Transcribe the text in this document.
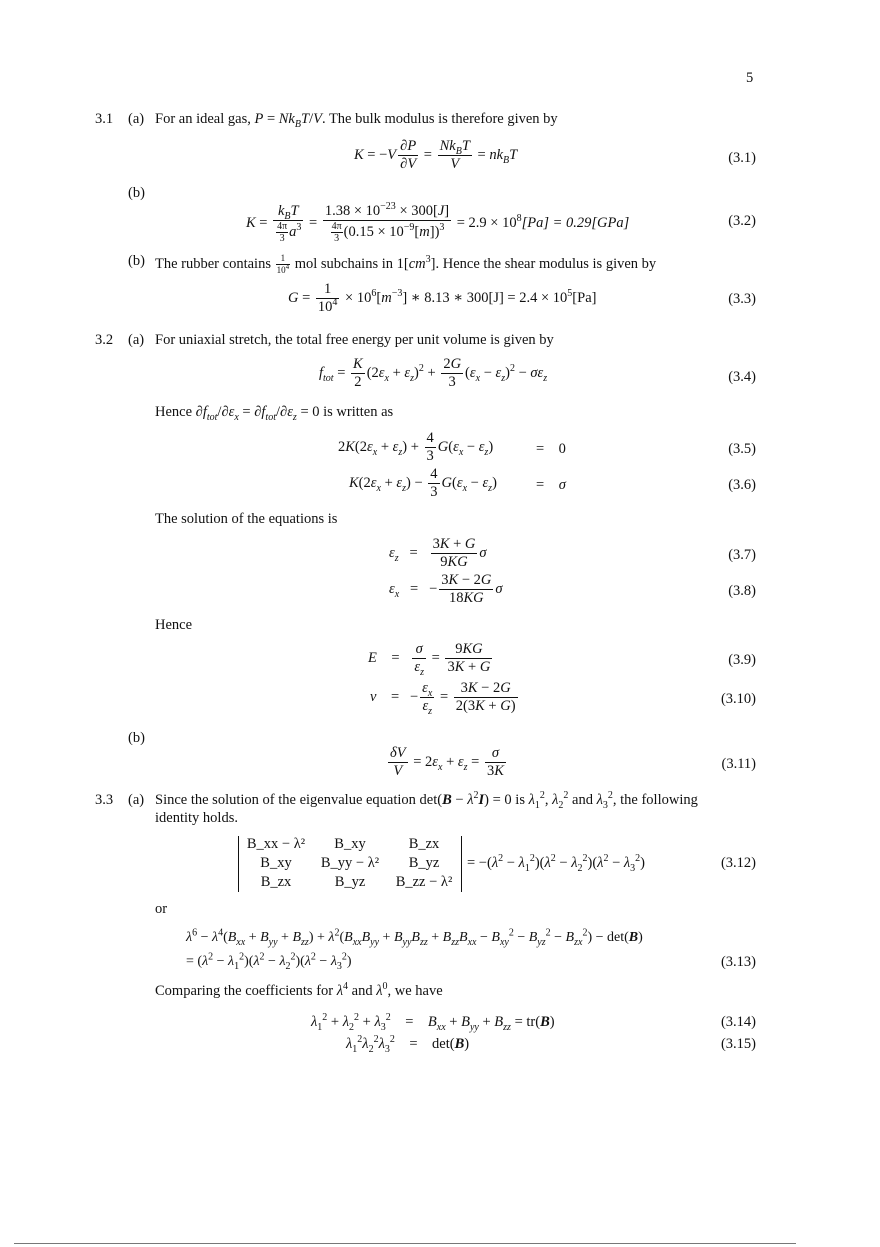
5
3.1 (a) For an ideal gas, $P = Nk_BT/V$. The bulk modulus is therefore given by
$K = -V \frac{\partial P}{\partial V} = \frac{Nk_BT}{V} = nk_BT$	(3.1)
(b)
$K = \frac{k_BT}{\frac{4\pi}{3} a^3} = \frac{1.38 \times 10^{-23} \times 300[J]}{\frac{4\pi}{3} (0.15 \times 10^{-9}[m])^3} = 2.9 \times 10^8[Pa] = 0.29[GPa]$	(3.2)
(b) The rubber contains $\frac{1}{10^4}$ mol subchains in $1[cm^3]$. Hence the shear modulus is given by
$G = \frac{1}{10^4} \times 10^6[m^{-3}]$ ∗ 8.13 ∗ $300[J] = 2.4 \times 10^5[Pa]$	(3.3)
3.2 (a) For uniaxial stretch, the total free energy per unit volume is given by
$f_{tot} = \frac{K}{2} (2\varepsilon_x + \varepsilon_z)^2 + \frac{2G}{3} (\varepsilon_x - \varepsilon_z)^2 - \sigma\varepsilon_z$	(3.4)
Hence $\partial f_{tot}/\partial\varepsilon_x = \partial f_{tot}/\partial\varepsilon_z = 0$ is written as
$2K(2\varepsilon_x + \varepsilon_z) + \frac{4}{3} G(\varepsilon_x - \varepsilon_z)$	=    0	(3.5)
$K(2\varepsilon_x + \varepsilon_z) - \frac{4}{3} G(\varepsilon_x - \varepsilon_z)$	=    σ	(3.6)
The solution of the equations is
$\varepsilon_z = \frac{3K + G}{9KG}$ σ	(3.7)
$\varepsilon_x$   =   − $\frac{3K - 2G}{18KG}$ σ	(3.8)
Hence
E    = $\frac{\sigma}{\varepsilon_z} = \frac{9KG}{3K + G}$	(3.9)
ν    =   − $\frac{\varepsilon_x}{\varepsilon_z} = \frac{3K - 2G}{2(3K + G)}$	(3.10)
(b)
$\frac{\delta V}{V} = 2\varepsilon_x + \varepsilon_z = \frac{\sigma}{3K}$	(3.11)
3.3 (a) Since the solution of the eigenvalue equation $\det(B - \lambda^2I) = 0$ is $\lambda_1^2$, $\lambda_2^2$ and $\lambda_3^2$, the following
identity holds.
B_xx − λ²	B_xy	B_zx
B_xy	B_yy − λ²	B_yz
B_zx	B_yz	B_zz − λ²
= $-(\lambda^2 - \lambda_1^2)(\lambda^2 - \lambda_2^2)(\lambda^2 - \lambda_3^2)$	(3.12)
or
$\lambda^6 - \lambda^4(B_{xx} + B_{yy} + B_{zz}) + \lambda^2(B_{xx}B_{yy} + B_{yy}B_{zz} + B_{zz}B_{xx} - B_{xy}^2 - B_{yz}^2 - B_{zx}^2) - \det(B)$
= $(\lambda^2 - \lambda_1^2)(\lambda^2 - \lambda_2^2)(\lambda^2 - \lambda_3^2)$	(3.13)
Comparing the coefficients for $\lambda^4$ and $\lambda^0$, we have
$\lambda_1^2 + \lambda_2^2 + \lambda_3^2$    =    $B_{xx} + B_{yy} + B_{zz} = tr(B)$	(3.14)
$\lambda_1^2\lambda_2^2\lambda_3^2$    =    det(B)	(3.15)
